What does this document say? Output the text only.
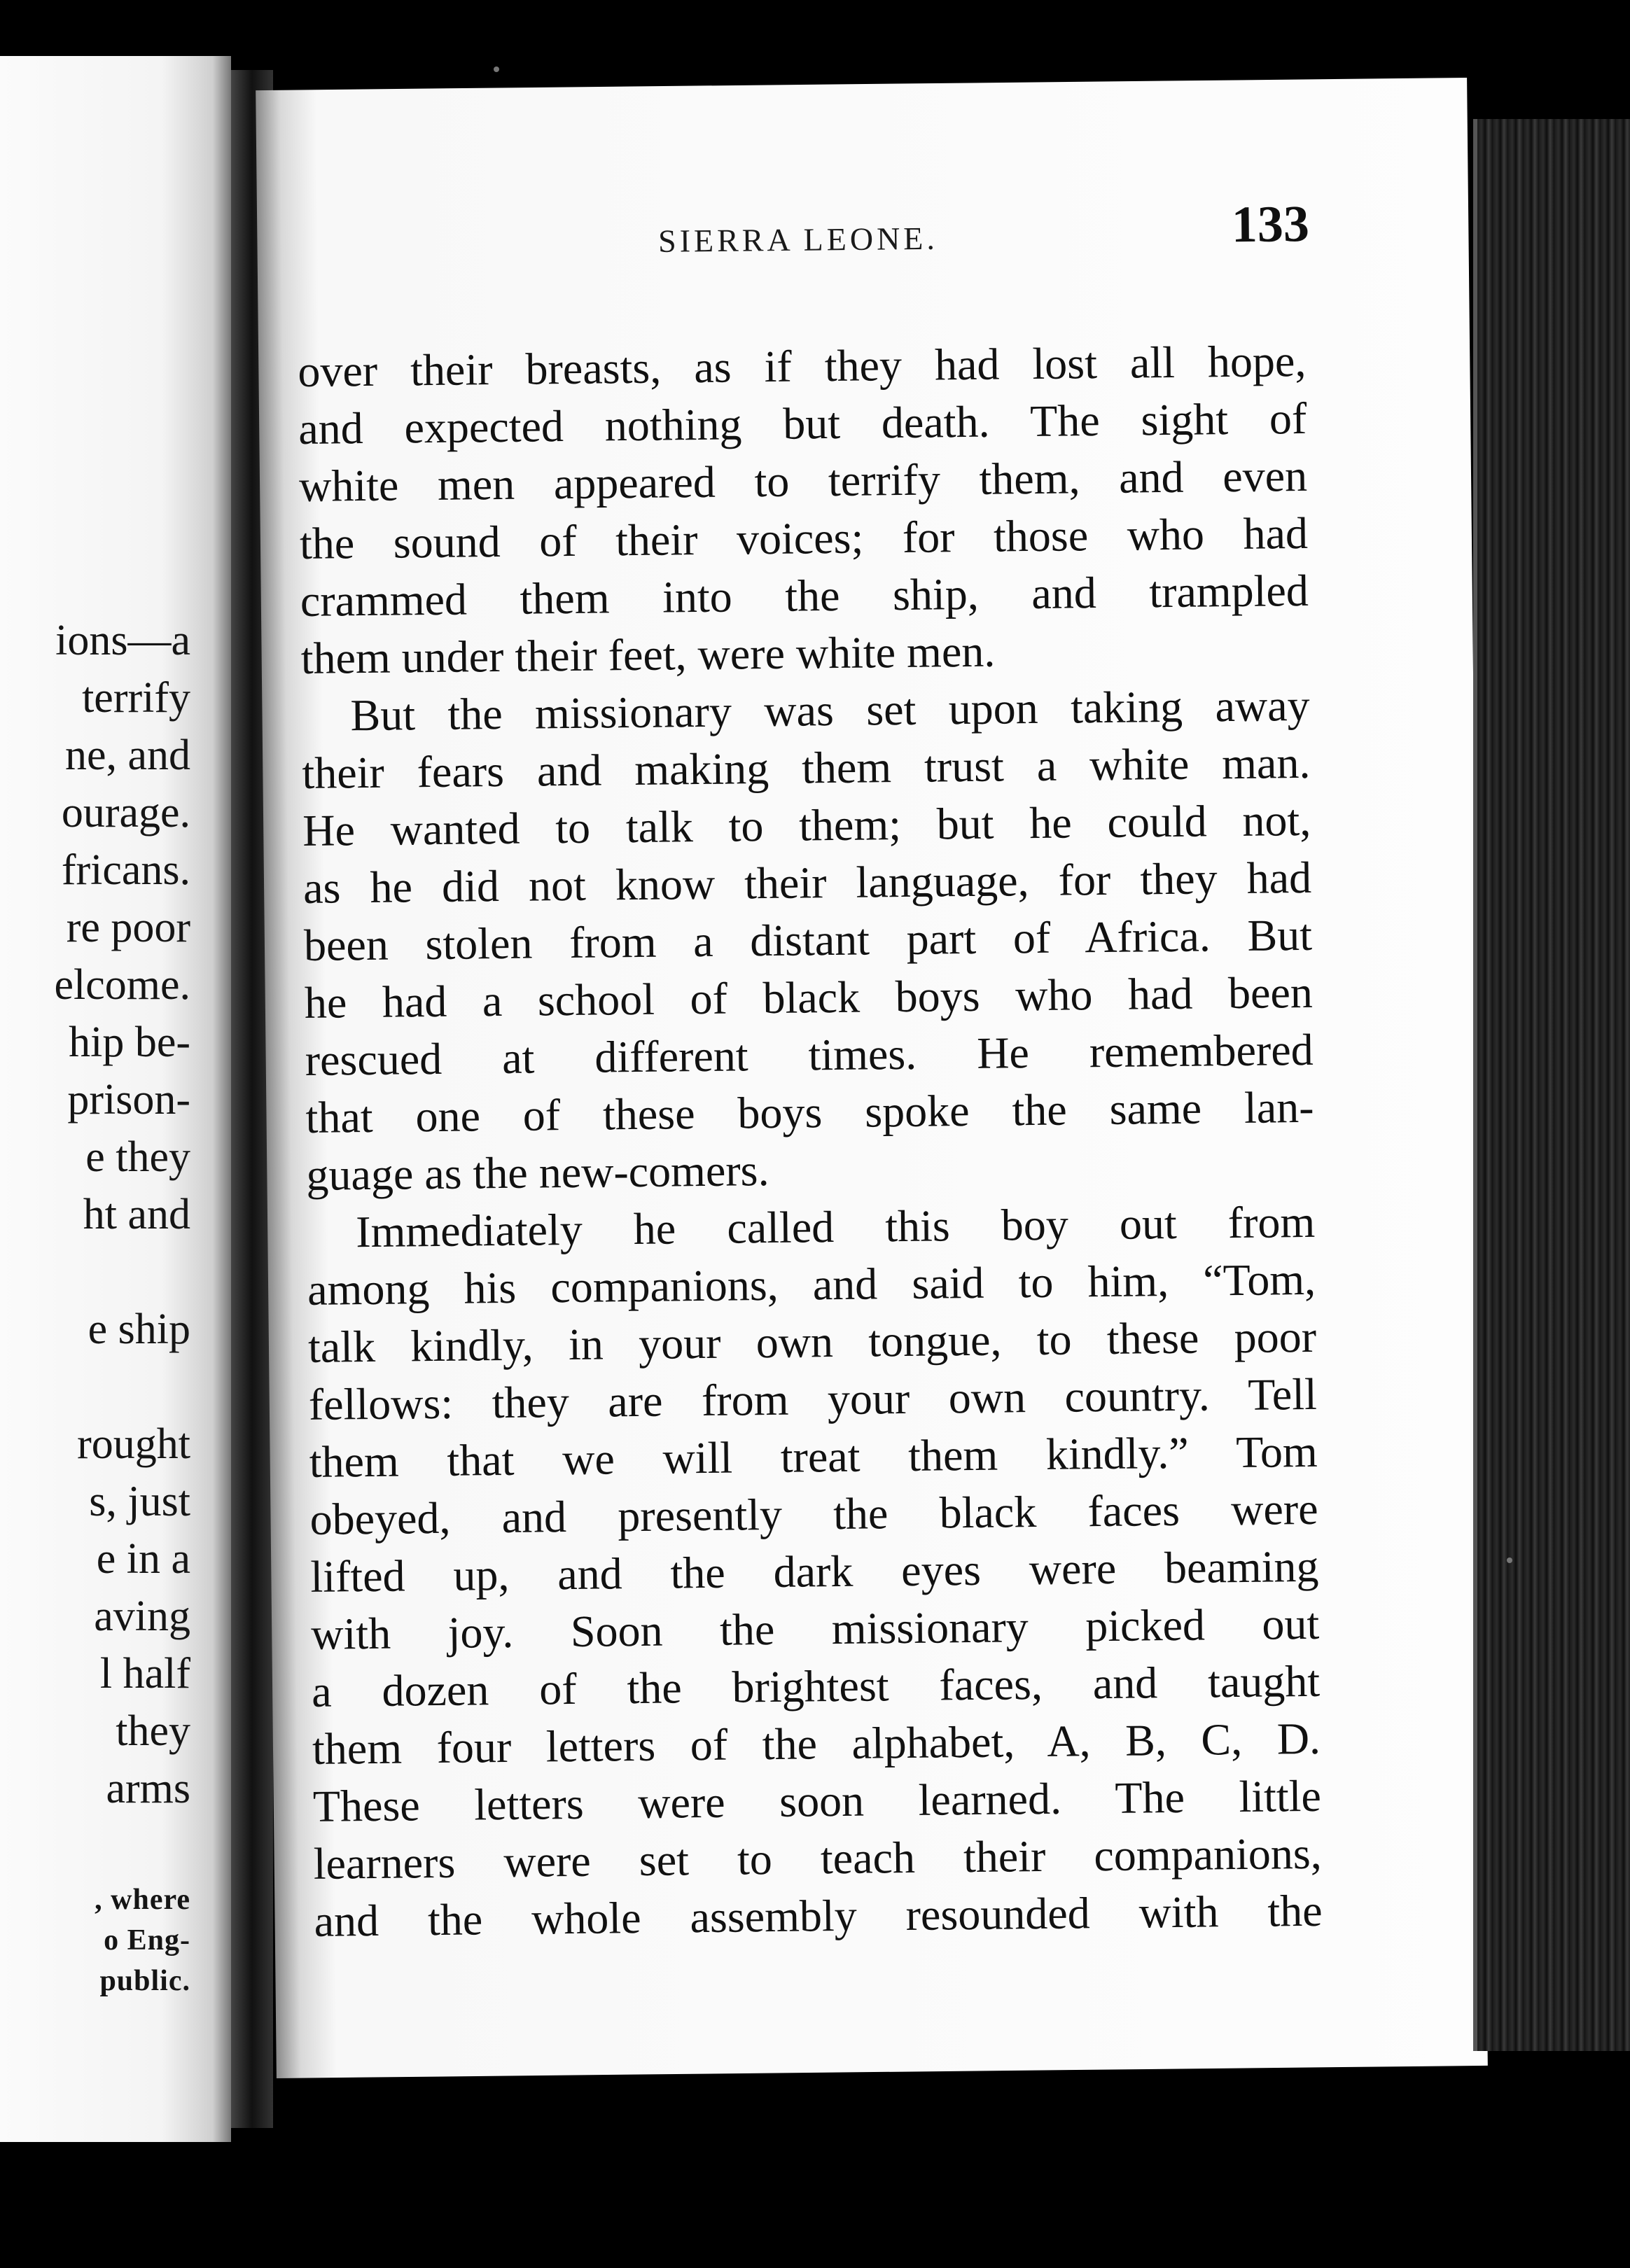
ions—a
terrify
ne, and
ourage.
fricans.
re poor
elcome.
hip be-
prison-
e they
ht and
e ship
rought
s, just
e in a
aving
l half
they
arms
, where
o Eng-
public.
SIERRA LEONE.	133
over their breasts, as if they had lost all hope,
and expected nothing but death. The sight of
white men appeared to terrify them, and even
the sound of their voices; for those who had
crammed them into the ship, and trampled
them under their feet, were white men.
But the missionary was set upon taking away
their fears and making them trust a white man.
He wanted to talk to them; but he could not,
as he did not know their language, for they had
been stolen from a distant part of Africa. But
he had a school of black boys who had been
rescued at different times. He remembered
that one of these boys spoke the same lan-
guage as the new-comers.
Immediately he called this boy out from
among his companions, and said to him, “Tom,
talk kindly, in your own tongue, to these poor
fellows: they are from your own country. Tell
them that we will treat them kindly.” Tom
obeyed, and presently the black faces were
lifted up, and the dark eyes were beaming
with joy. Soon the missionary picked out
a dozen of the brightest faces, and taught
them four letters of the alphabet, A, B, C, D.
These letters were soon learned. The little
learners were set to teach their companions,
and the whole assembly resounded with the
